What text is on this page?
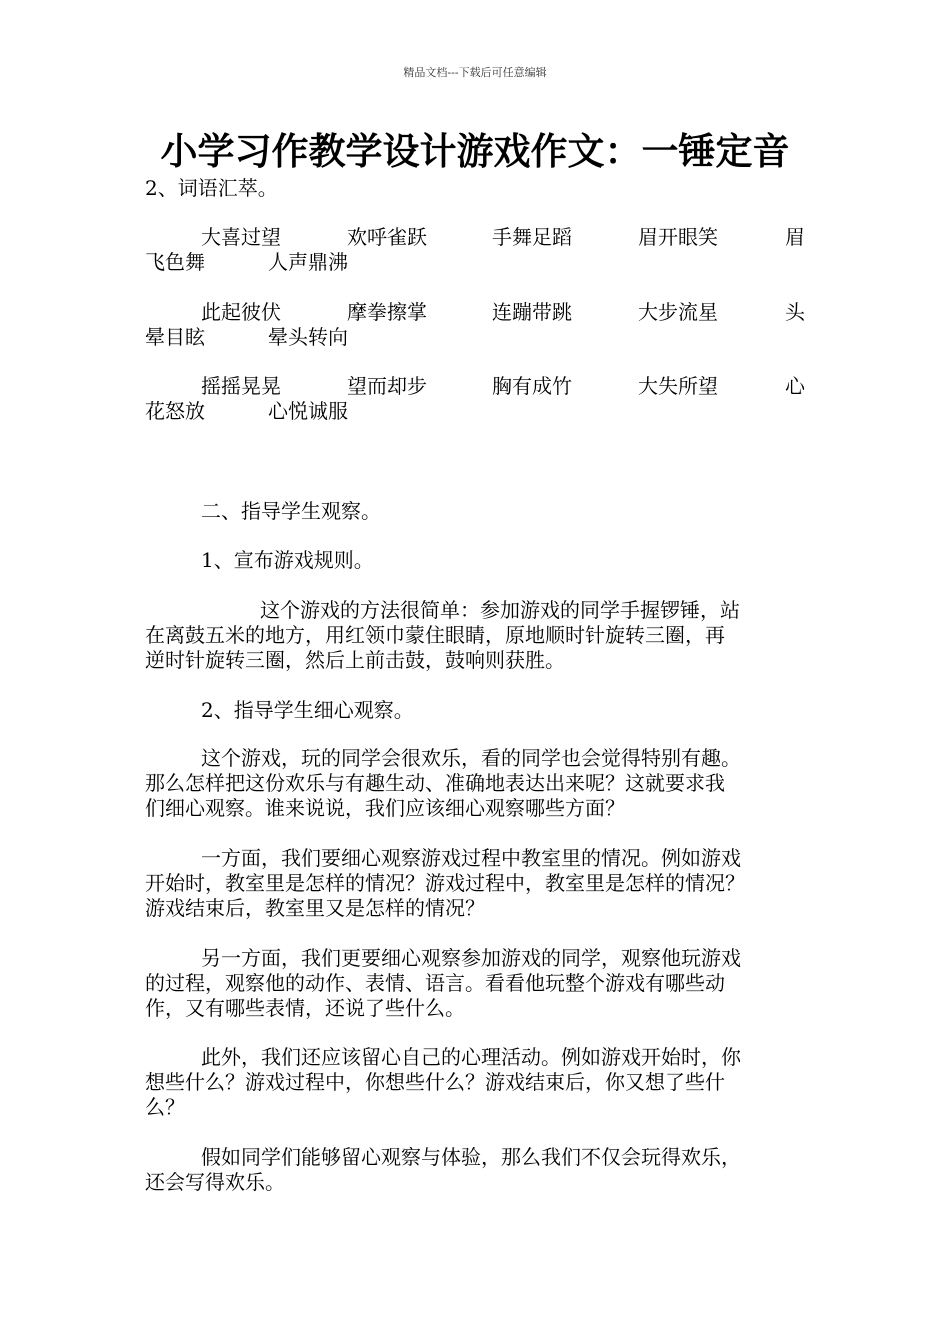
精品文档---下载后可任意编辑
小学习作教学设计游戏作文：一锤定音
2、词语汇萃。
大喜过望	欢呼雀跃	手舞足蹈	眉开眼笑	眉
飞色舞	人声鼎沸
此起彼伏	摩拳擦掌	连蹦带跳	大步流星	头
晕目眩	晕头转向
摇摇晃晃	望而却步	胸有成竹	大失所望	心
花怒放	心悦诚服
二、指导学生观察。
1、宣布游戏规则。
这个游戏的方法很简单：参加游戏的同学手握锣锤，站
在离鼓五米的地方，用红领巾蒙住眼睛，原地顺时针旋转三圈，再
逆时针旋转三圈，然后上前击鼓，鼓响则获胜。
2、指导学生细心观察。
这个游戏，玩的同学会很欢乐，看的同学也会觉得特别有趣。
那么怎样把这份欢乐与有趣生动、准确地表达出来呢？这就要求我
们细心观察。谁来说说，我们应该细心观察哪些方面？
一方面，我们要细心观察游戏过程中教室里的情况。例如游戏
开始时，教室里是怎样的情况？游戏过程中，教室里是怎样的情况？
游戏结束后，教室里又是怎样的情况？
另一方面，我们更要细心观察参加游戏的同学，观察他玩游戏
的过程，观察他的动作、表情、语言。看看他玩整个游戏有哪些动
作，又有哪些表情，还说了些什么。
此外，我们还应该留心自己的心理活动。例如游戏开始时，你
想些什么？游戏过程中，你想些什么？游戏结束后，你又想了些什
么？
假如同学们能够留心观察与体验，那么我们不仅会玩得欢乐，
还会写得欢乐。
